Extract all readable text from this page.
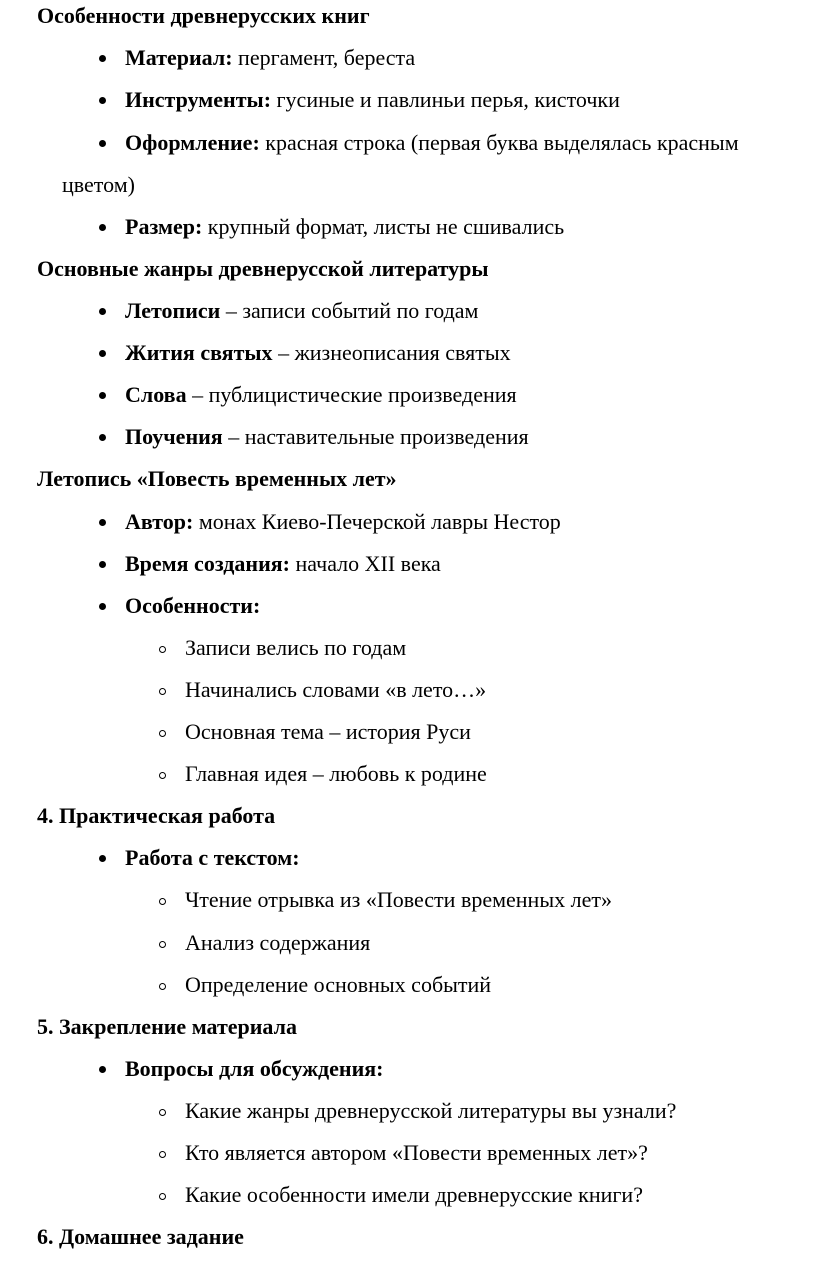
Особенности древнерусских книг
Материал: пергамент, береста
Инструменты: гусиные и павлиньи перья, кисточки
Оформление: красная строка (первая буква выделялась красным
цветом)
Размер: крупный формат, листы не сшивались
Основные жанры древнерусской литературы
Летописи – записи событий по годам
Жития святых – жизнеописания святых
Слова – публицистические произведения
Поучения – наставительные произведения
Летопись «Повесть временных лет»
Автор: монах Киево-Печерской лавры Нестор
Время создания: начало XII века
Особенности:
Записи велись по годам
Начинались словами «в лето…»
Основная тема – история Руси
Главная идея – любовь к родине
4. Практическая работа
Работа с текстом:
Чтение отрывка из «Повести временных лет»
Анализ содержания
Определение основных событий
5. Закрепление материала
Вопросы для обсуждения:
Какие жанры древнерусской литературы вы узнали?
Кто является автором «Повести временных лет»?
Какие особенности имели древнерусские книги?
6. Домашнее задание
